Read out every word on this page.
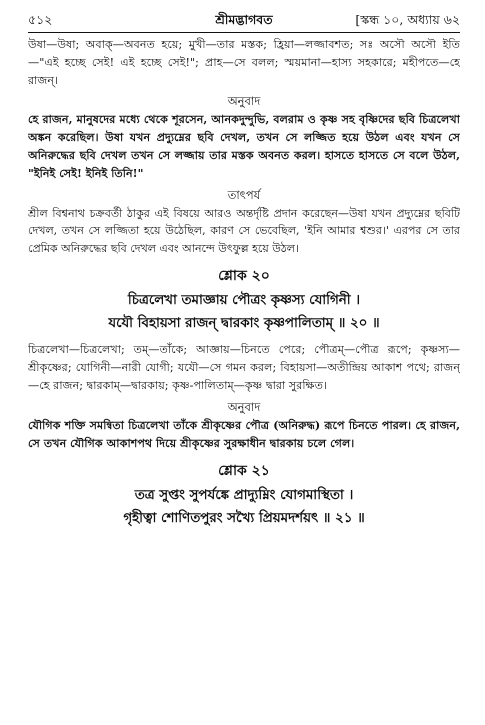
৫১২	শ্রীমদ্ভাগবত	[স্কন্ধ ১০, অধ্যায় ৬২

উষা—উষা; অবাক্—অবনত হয়ে; মুখী—তার মস্তক; হ্রিয়া—লজ্জাবশত; সঃ অসৌ অসৌ ইতি—"এই হচ্ছে সেই! এই হচ্ছে সেই!"; প্রাহ—সে বলল; স্ময়মানা—হাস্য সহকারে; মহীপতে—হে রাজন্।

অনুবাদ

হে রাজন, মানুষদের মধ্যে থেকে শূরসেন, আনকদুন্দুভি, বলরাম ও কৃষ্ণ সহ বৃষ্ণিদের ছবি চিত্রলেখা অঙ্কন করেছিল। উষা যখন প্রদ্যুম্নের ছবি দেখল, তখন সে লজ্জিত হয়ে উঠল এবং যখন সে অনিরুদ্ধের ছবি দেখল তখন সে লজ্জায় তার মস্তক অবনত করল। হাসতে হাসতে সে বলে উঠল, "ইনিই সেই! ইনিই তিনি!"

তাৎপর্য

শ্রীল বিশ্বনাথ চক্রবর্তী ঠাকুর এই বিষয়ে আরও অন্তর্দৃষ্টি প্রদান করেছেন—উষা যখন প্রদ্যুম্নের ছবিটি দেখল, তখন সে লজ্জিতা হয়ে উঠেছিল, কারণ সে ভেবেছিল, 'ইনি আমার শ্বশুর।' এরপর সে তার প্রেমিক অনিরুদ্ধের ছবি দেখল এবং আনন্দে উৎফুল্ল হয়ে উঠল।

শ্লোক ২০

চিত্রলেখা তমাজ্ঞায় পৌত্রং কৃষ্ণস্য যোগিনী ।

যযৌ বিহায়সা রাজন্ দ্বারকাং কৃষ্ণপালিতাম্ ॥ ২০ ॥

চিত্রলেখা—চিত্রলেখা; তম্—তাঁকে; আজ্ঞায়—চিনতে পেরে; পৌত্রম্—পৌত্র রূপে; কৃষ্ণস্য—শ্রীকৃষ্ণের; যোগিনী—নারী যোগী; যযৌ—সে গমন করল; বিহায়সা—অতীন্দ্রিয় আকাশ পথে; রাজন্—হে রাজন; দ্বারকাম্—দ্বারকায়; কৃষ্ণ-পালিতাম্—কৃষ্ণ দ্বারা সুরক্ষিত।

অনুবাদ

যৌগিক শক্তি সমন্বিতা চিত্রলেখা তাঁকে শ্রীকৃষ্ণের পৌত্র (অনিরুদ্ধ) রূপে চিনতে পারল। হে রাজন, সে তখন যৌগিক আকাশপথ দিয়ে শ্রীকৃষ্ণের সুরক্ষাধীন দ্বারকায় চলে গেল।

শ্লোক ২১

তত্র সুপ্তং সুপর্যঙ্কে প্রাদ্যুম্নিং যোগমাস্থিতা ।

গৃহীত্বা শোণিতপুরং সখ্যৈ প্রিয়মদর্শয়ৎ ॥ ২১ ॥
